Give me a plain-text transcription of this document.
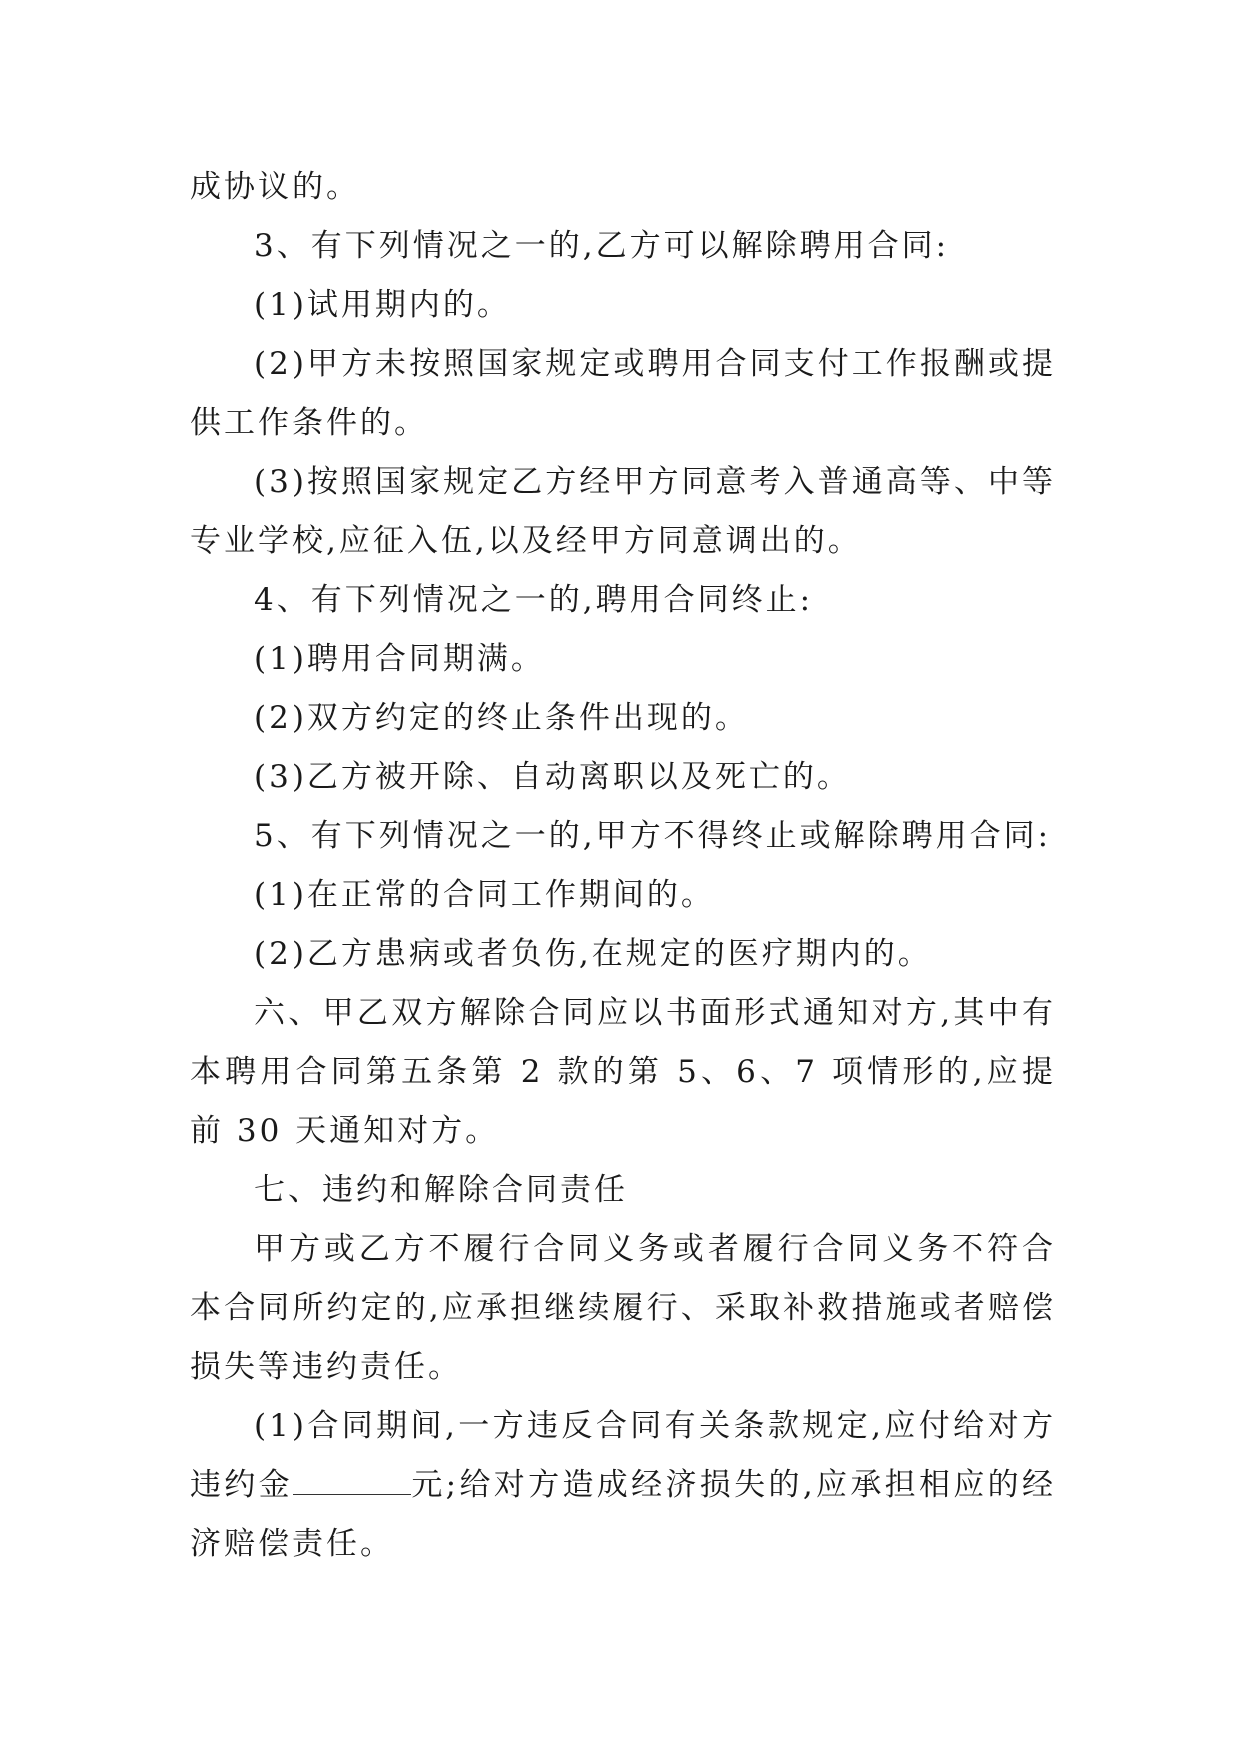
成协议的。

3、有下列情况之一的,乙方可以解除聘用合同:

(1)试用期内的。

(2)甲方未按照国家规定或聘用合同支付工作报酬或提供工作条件的。

(3)按照国家规定乙方经甲方同意考入普通高等、中等专业学校,应征入伍,以及经甲方同意调出的。

4、有下列情况之一的,聘用合同终止:

(1)聘用合同期满。

(2)双方约定的终止条件出现的。

(3)乙方被开除、自动离职以及死亡的。

5、有下列情况之一的,甲方不得终止或解除聘用合同:

(1)在正常的合同工作期间的。

(2)乙方患病或者负伤,在规定的医疗期内的。

六、甲乙双方解除合同应以书面形式通知对方,其中有本聘用合同第五条第 2 款的第 5、6、7 项情形的,应提前 30 天通知对方。

七、违约和解除合同责任

甲方或乙方不履行合同义务或者履行合同义务不符合本合同所约定的,应承担继续履行、采取补救措施或者赔偿损失等违约责任。

(1)合同期间,一方违反合同有关条款规定,应付给对方违约金	元;给对方造成经济损失的,应承担相应的经济赔偿责任。
